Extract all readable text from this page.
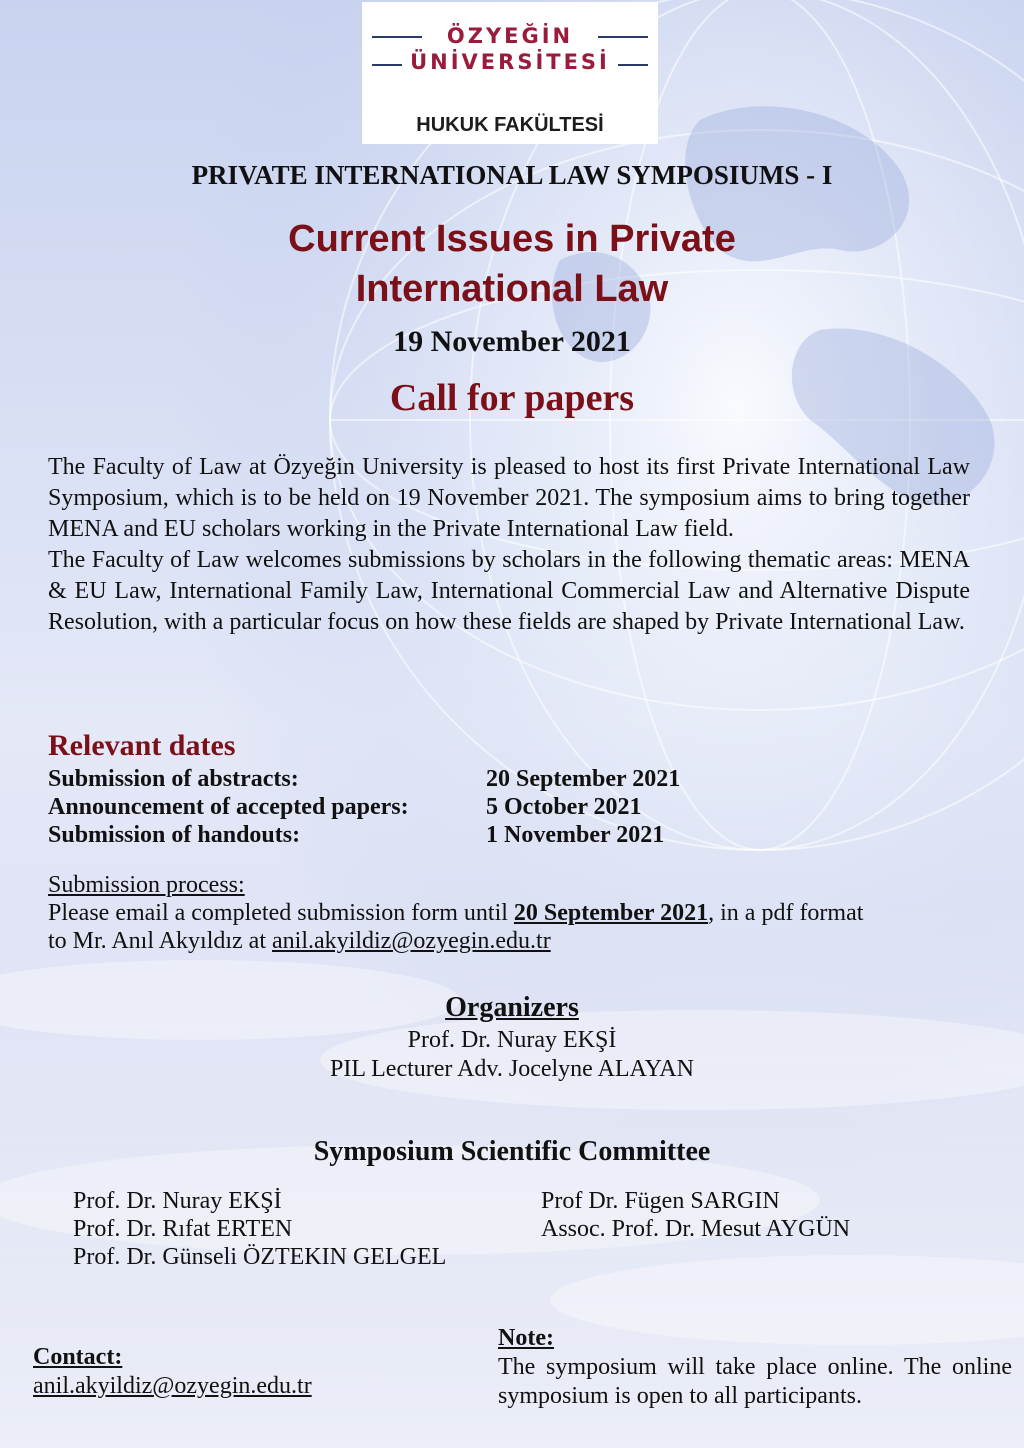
ÖZYEĞİN
ÜNİVERSİTESİ
HUKUK FAKÜLTESİ
PRIVATE INTERNATIONAL LAW SYMPOSIUMS - I
Current Issues in Private
International Law
19 November 2021
Call for papers

The Faculty of Law at Özyeğin University is pleased to host its first Private International Law Symposium, which is to be held on 19 November 2021. The symposium aims to bring together MENA and EU scholars working in the Private International Law field.

The Faculty of Law welcomes submissions by scholars in the following thematic areas: MENA & EU Law, International Family Law, International Commercial Law and Alternative Dispute Resolution, with a particular focus on how these fields are shaped by Private International Law.

Relevant dates
Submission of abstracts:	20 September 2021
Announcement of accepted papers:	5 October 2021
Submission of handouts:	1 November 2021
Submission process:
Please email a completed submission form until 20 September 2021, in a pdf format
to Mr. Anıl Akyıldız at anil.akyildiz@ozyegin.edu.tr
Organizers
Prof. Dr. Nuray EKŞİ
PIL Lecturer Adv. Jocelyne ALAYAN
Symposium Scientific Committee
Prof. Dr. Nuray EKŞİ
Prof. Dr. Rıfat ERTEN
Prof. Dr. Günseli ÖZTEKIN GELGEL
Prof Dr. Fügen SARGIN
Assoc. Prof. Dr. Mesut AYGÜN
Contact:
anil.akyildiz@ozyegin.edu.tr
Note:
The symposium will take place online. The online symposium is open to all participants.
